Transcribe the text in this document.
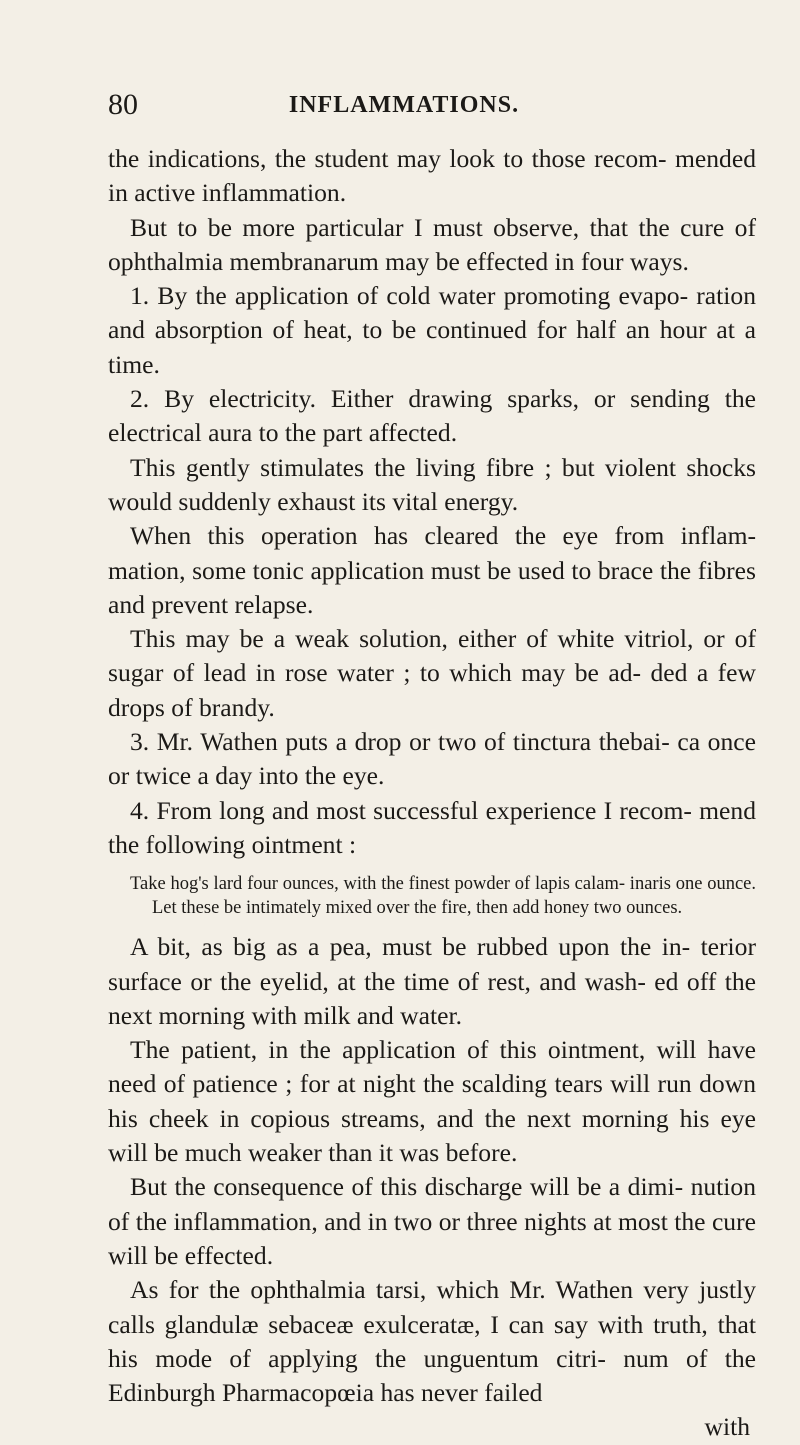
80	INFLAMMATIONS.

the indications, the student may look to those recom- mended in active inflammation.

But to be more particular I must observe, that the cure of ophthalmia membranarum may be effected in four ways.

1. By the application of cold water promoting evapo- ration and absorption of heat, to be continued for half an hour at a time.

2. By electricity. Either drawing sparks, or sending the electrical aura to the part affected.

This gently stimulates the living fibre ; but violent shocks would suddenly exhaust its vital energy.

When this operation has cleared the eye from inflam- mation, some tonic application must be used to brace the fibres and prevent relapse.

This may be a weak solution, either of white vitriol, or of sugar of lead in rose water ; to which may be ad- ded a few drops of brandy.

3. Mr. Wathen puts a drop or two of tinctura thebai- ca once or twice a day into the eye.

4. From long and most successful experience I recom- mend the following ointment :

Take hog's lard four ounces, with the finest powder of lapis calam- inaris one ounce. Let these be intimately mixed over the fire, then add honey two ounces.

A bit, as big as a pea, must be rubbed upon the in- terior surface or the eyelid, at the time of rest, and wash- ed off the next morning with milk and water.

The patient, in the application of this ointment, will have need of patience ; for at night the scalding tears will run down his cheek in copious streams, and the next morning his eye will be much weaker than it was before.

But the consequence of this discharge will be a dimi- nution of the inflammation, and in two or three nights at most the cure will be effected.

As for the ophthalmia tarsi, which Mr. Wathen very justly calls glandulæ sebaceæ exulceratæ, I can say with truth, that his mode of applying the unguentum citri- num of the Edinburgh Pharmacopœia has never failed

with
